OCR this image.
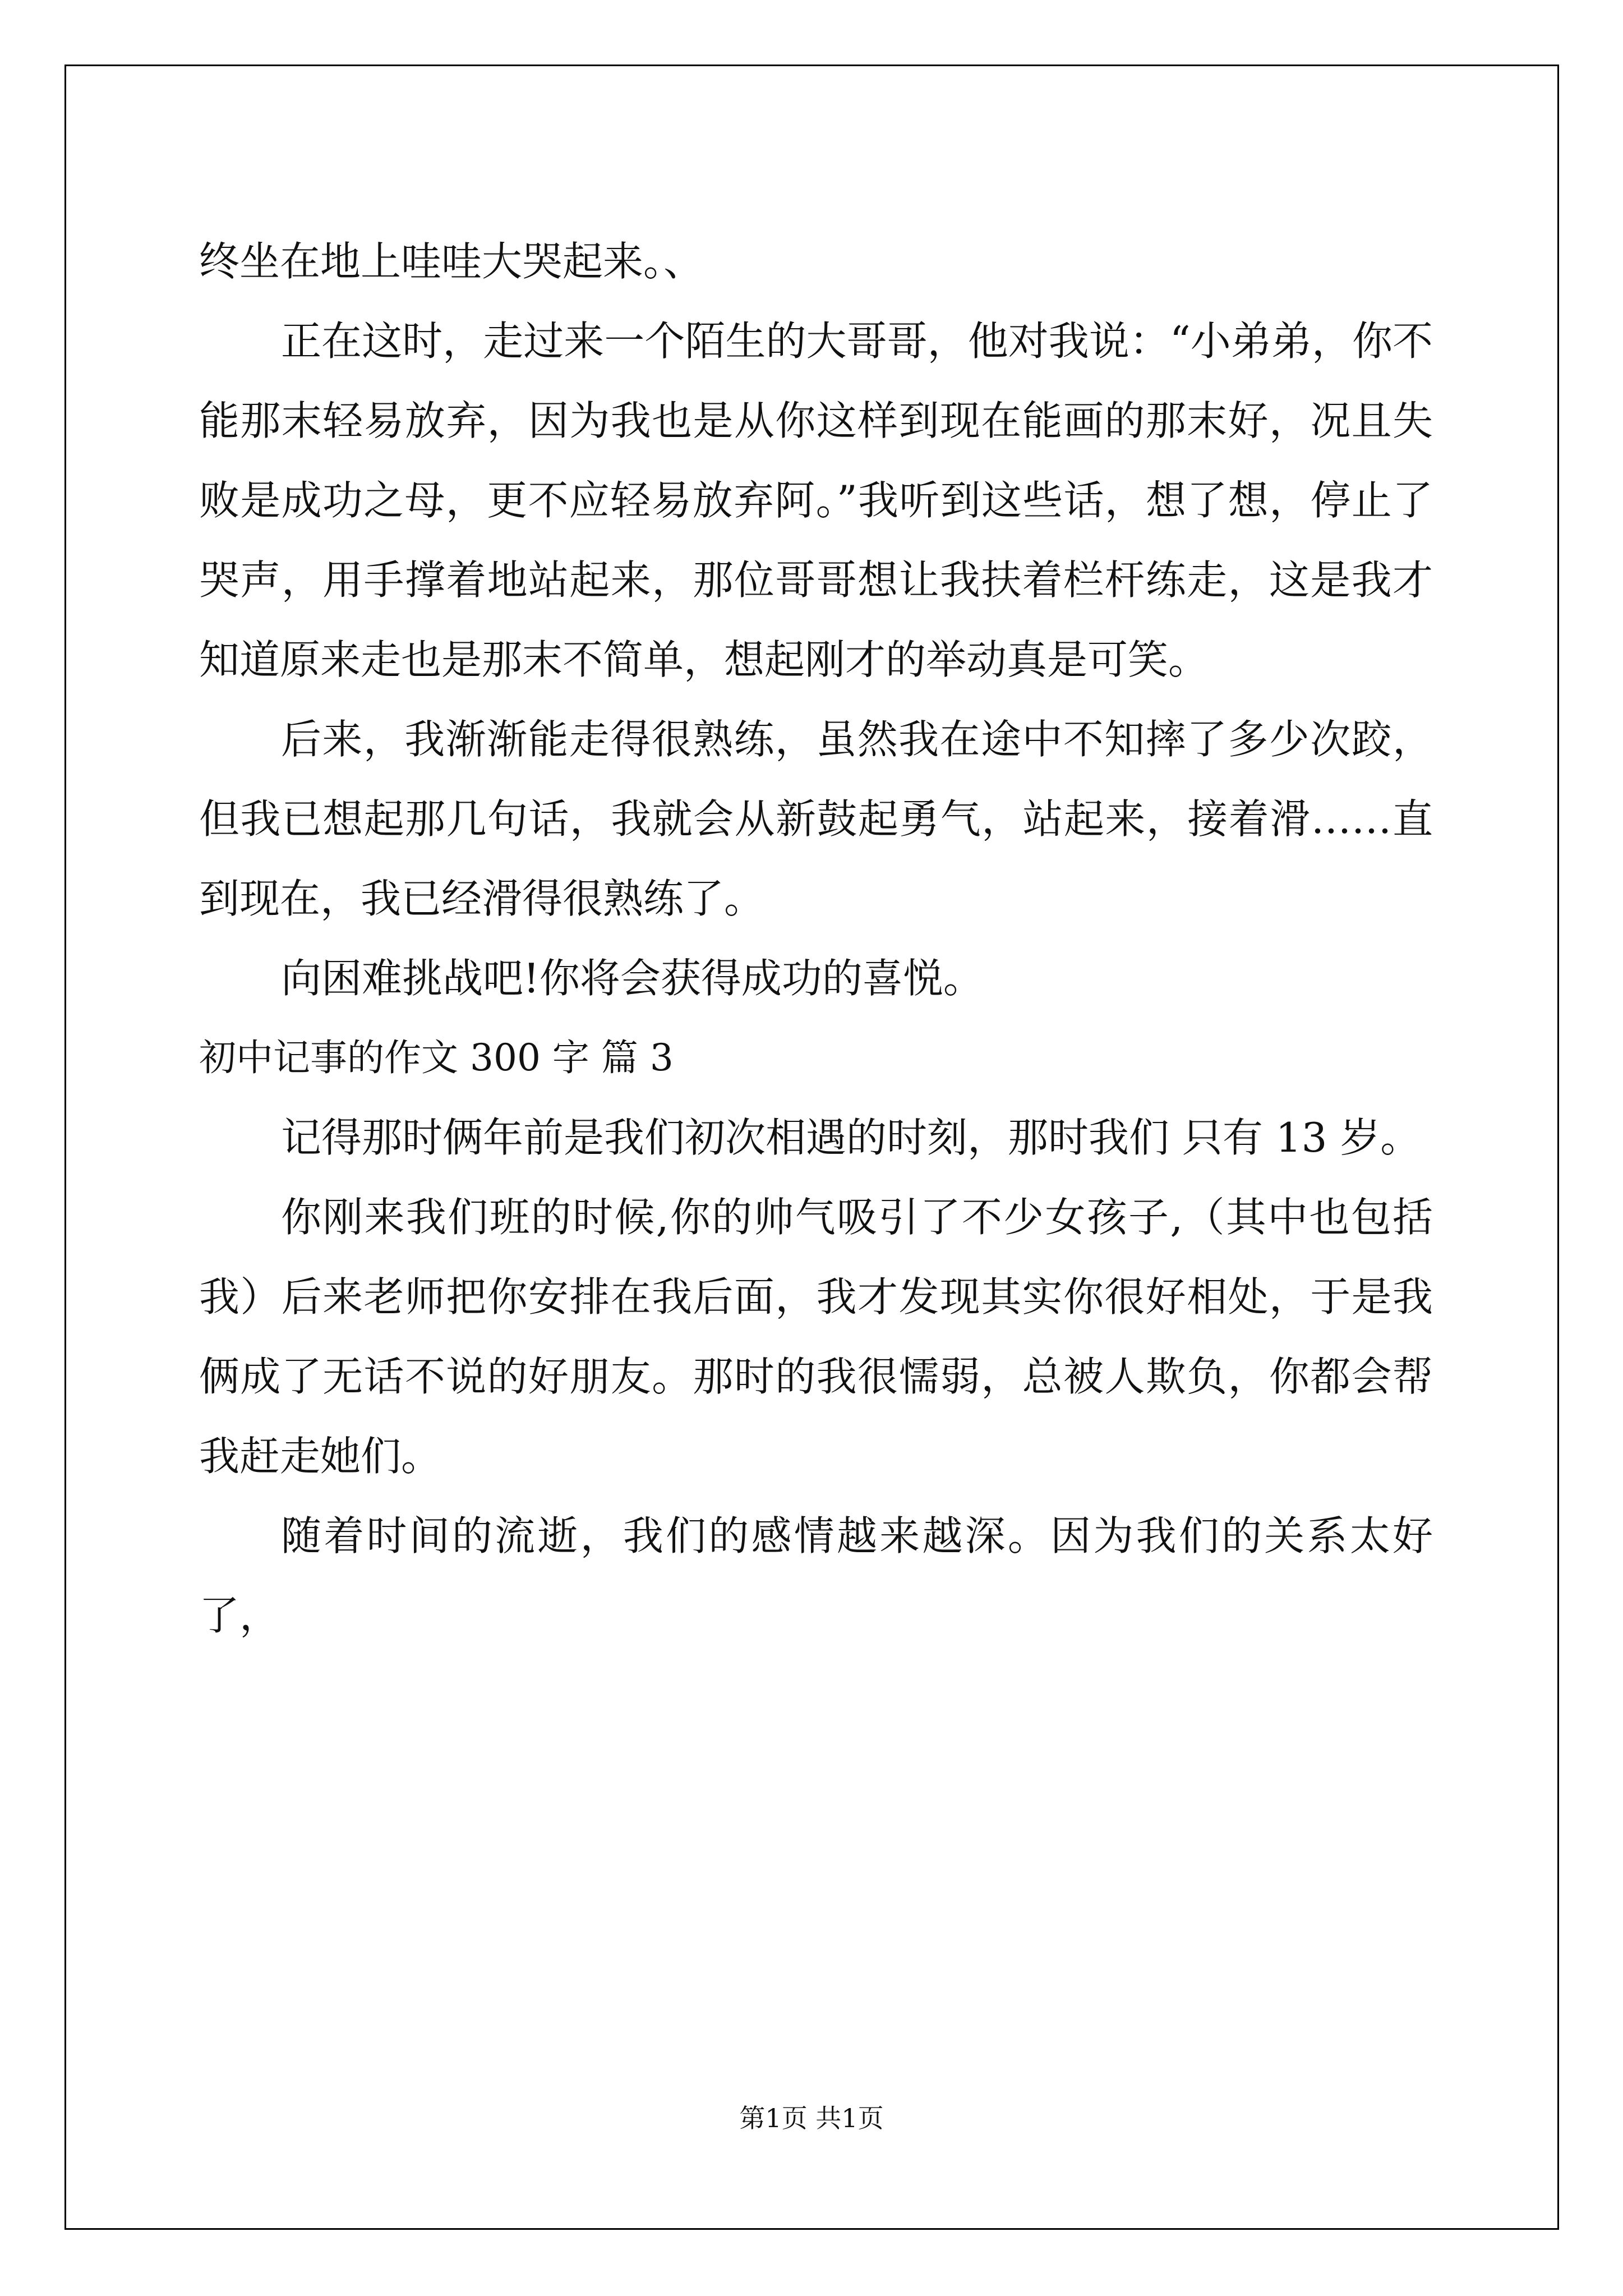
终坐在地上哇哇大哭起来。、

正在这时，走过来一个陌生的大哥哥，他对我说：“小弟弟，你不能那末轻易放弃，因为我也是从你这样到现在能画的那末好，况且失败是成功之母，更不应轻易放弃阿。”我听到这些话，想了想，停止了哭声，用手撑着地站起来，那位哥哥想让我扶着栏杆练走，这是我才知道原来走也是那末不简单，想起刚才的举动真是可笑。

后来，我渐渐能走得很熟练，虽然我在途中不知摔了多少次跤，但我已想起那几句话，我就会从新鼓起勇气，站起来，接着滑……直到现在，我已经滑得很熟练了。

向困难挑战吧!你将会获得成功的喜悦。

初中记事的作文 300 字 篇 3

记得那时俩年前是我们初次相遇的时刻，那时我们 只有 13 岁。

你刚来我们班的时候,你的帅气吸引了不少女孩子,（其中也包括我）后来老师把你安排在我后面，我才发现其实你很好相处，于是我俩成了无话不说的好朋友。那时的我很懦弱，总被人欺负，你都会帮我赶走她们。

随着时间的流逝，我们的感情越来越深。因为我们的关系太好了，

第1页 共1页
